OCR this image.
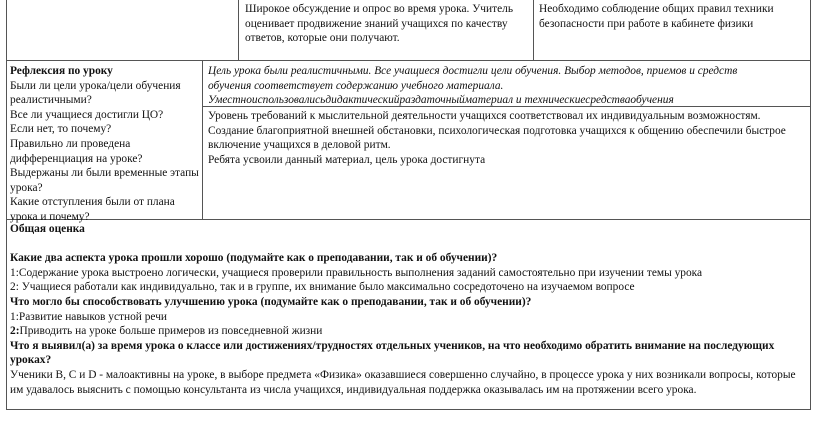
Широкое обсуждение и опрос во время урока. Учитель оценивает продвижение знаний учащихся по качеству ответов, которые они получают.

Необходимо соблюдение общих правил техники безопасности при работе в кабинете физики

Рефлексия по уроку

Были ли цели урока/цели обучения реалистичными?
Все ли учащиеся достигли ЦО?
Если нет, то почему?
Правильно ли проведена дифференциация на уроке?
Выдержаны ли были временные этапы урока?
Какие отступления были от плана урока и почему?

Цель урока были реалистичными. Все учащиеся достигли цели обучения. Выбор методов, приемов и средств

обучения соответствует содержанию учебного материала.

Уместноиспользовалисьдидактическийраздаточныйматериал и техническиесредстваобучения

Уровень требований к мыслительной деятельности учащихся соответствовал их индивидуальным возможностям.
Создание благоприятной внешней обстановки, психологическая подготовка учащихся к общению обеспечили быстрое включение учащихся в деловой ритм.
Ребята усвоили данный материал, цель урока достигнута

Общая оценка

Какие два аспекта урока прошли хорошо (подумайте как о преподавании, так и об обучении)?

1:Содержание урока выстроено логически, учащиеся проверили правильность выполнения заданий самостоятельно при изучении темы урока

2: Учащиеся работали как индивидуально, так и в группе, их внимание было максимально сосредоточено на изучаемом вопросе

Что могло бы способствовать улучшению урока (подумайте как о преподавании, так и об обучении)?

1:Развитие навыков устной речи

2:Приводить на уроке больше примеров из повседневной жизни

Что я выявил(а) за время урока о классе или достижениях/трудностях отдельных учеников, на что необходимо обратить внимание на последующих уроках?

Ученики В, С и D - малоактивны на уроке, в выборе предмета «Физика» оказавшиеся совершенно случайно, в процессе урока у них возникали вопросы, которые им удавалось выяснить с помощью консультанта из числа учащихся, индивидуальная поддержка оказывалась им на протяжении всего урока.
